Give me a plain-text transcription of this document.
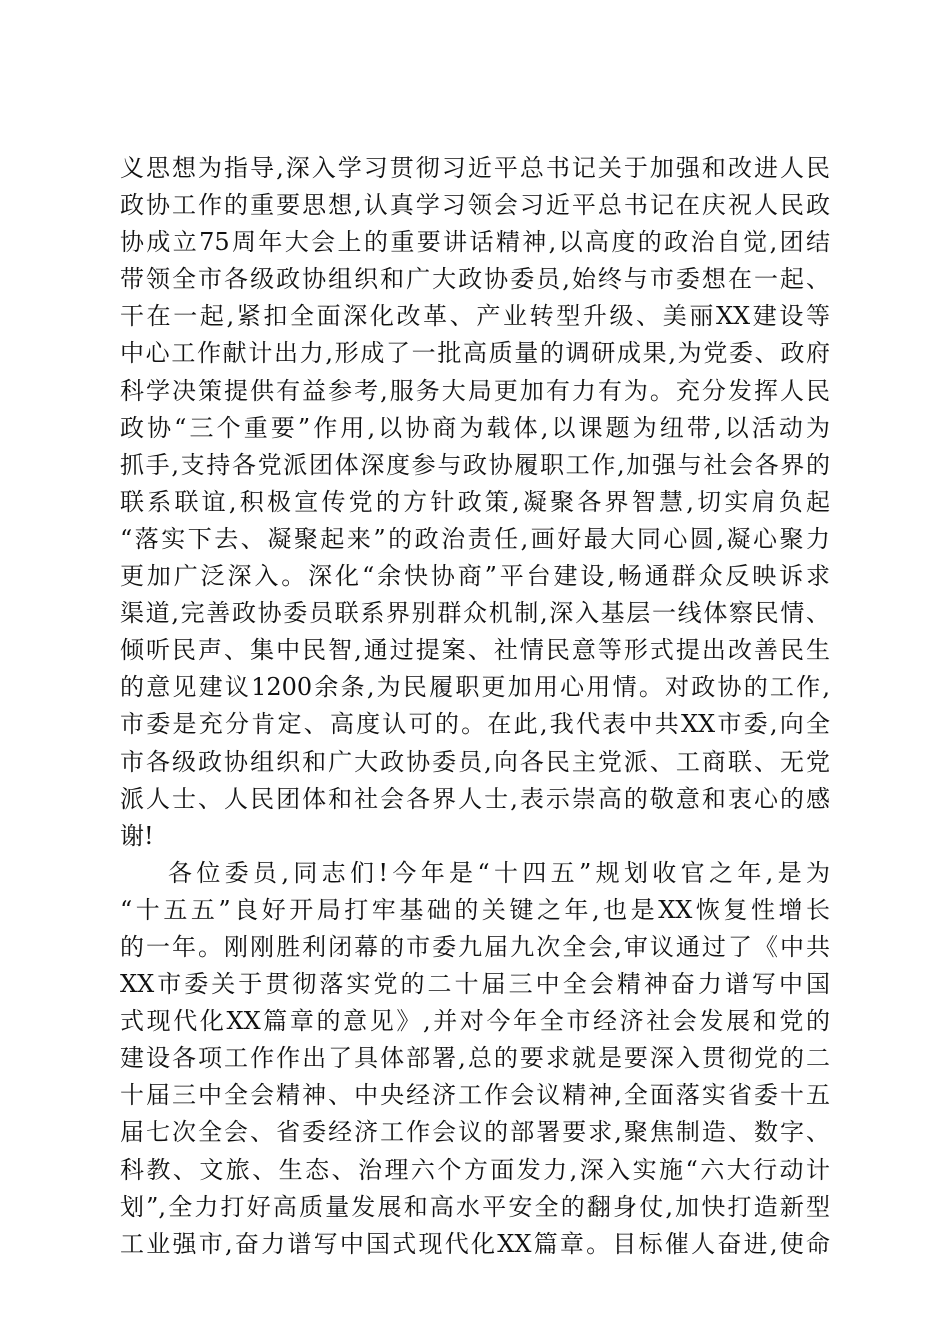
义思想为指导,深入学习贯彻习近平总书记关于加强和改进人民
政协工作的重要思想,认真学习领会习近平总书记在庆祝人民政
协成立75周年大会上的重要讲话精神,以高度的政治自觉,团结
带领全市各级政协组织和广大政协委员,始终与市委想在一起、
干在一起,紧扣全面深化改革、产业转型升级、美丽XX建设等
中心工作献计出力,形成了一批高质量的调研成果,为党委、政府
科学决策提供有益参考,服务大局更加有力有为。充分发挥人民
政协“三个重要”作用,以协商为载体,以课题为纽带,以活动为
抓手,支持各党派团体深度参与政协履职工作,加强与社会各界的
联系联谊,积极宣传党的方针政策,凝聚各界智慧,切实肩负起
“落实下去、凝聚起来”的政治责任,画好最大同心圆,凝心聚力
更加广泛深入。深化“余快协商”平台建设,畅通群众反映诉求
渠道,完善政协委员联系界别群众机制,深入基层一线体察民情、
倾听民声、集中民智,通过提案、社情民意等形式提出改善民生
的意见建议1200余条,为民履职更加用心用情。对政协的工作,
市委是充分肯定、高度认可的。在此,我代表中共XX市委,向全
市各级政协组织和广大政协委员,向各民主党派、工商联、无党
派人士、人民团体和社会各界人士,表示崇高的敬意和衷心的感
谢!
各位委员,同志们!今年是“十四五”规划收官之年,是为
“十五五”良好开局打牢基础的关键之年,也是XX恢复性增长
的一年。刚刚胜利闭幕的市委九届九次全会,审议通过了《中共
XX市委关于贯彻落实党的二十届三中全会精神奋力谱写中国
式现代化XX篇章的意见》,并对今年全市经济社会发展和党的
建设各项工作作出了具体部署,总的要求就是要深入贯彻党的二
十届三中全会精神、中央经济工作会议精神,全面落实省委十五
届七次全会、省委经济工作会议的部署要求,聚焦制造、数字、
科教、文旅、生态、治理六个方面发力,深入实施“六大行动计
划”,全力打好高质量发展和高水平安全的翻身仗,加快打造新型
工业强市,奋力谱写中国式现代化XX篇章。目标催人奋进,使命
